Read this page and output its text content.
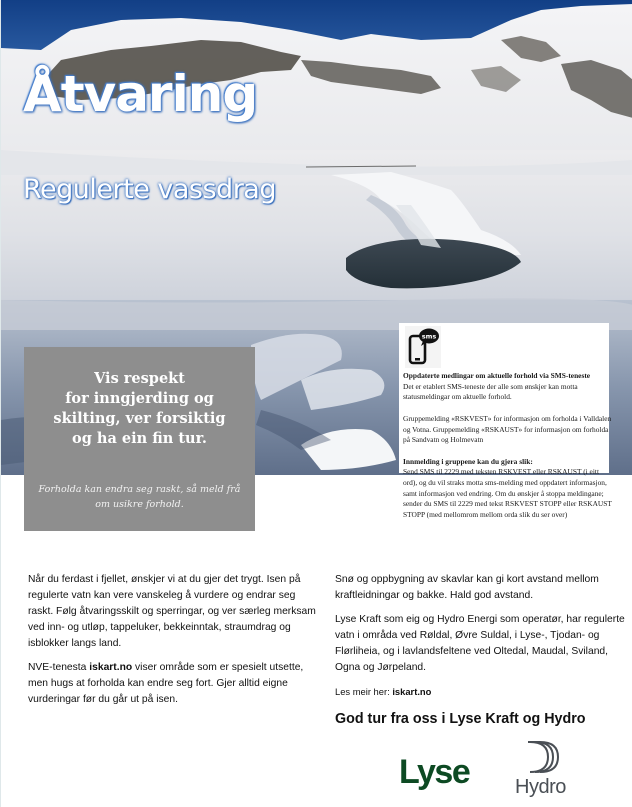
Åtvaring
Regulerte vassdrag
Vis respekt
for inngjerding og
skilting, ver forsiktig
og ha ein fin tur.
Forholda kan endra seg raskt, så meld frå om usikre forhold.
sms
Oppdaterte medlingar om aktuelle forhold via SMS-teneste
Det er etablert SMS-teneste der alle som ønskjer kan motta statusmeldingar om aktuelle forhold.
Gruppemelding «RSKVEST» for informasjon om forholda i Valldalen og Votna. Gruppemelding «RSKAUST» for informasjon om forholda på Sandvatn og Holmevatn
Innmelding i gruppene kan du gjera slik:
Send SMS til 2229 med teksten RSKVEST eller RSKAUST (i eitt ord), og du vil straks motta sms-melding med oppdatert informasjon, samt informasjon ved endring. Om du ønskjer å stoppa meldingane; sender du SMS til 2229 med tekst RSKVEST STOPP eller RSKAUST STOPP (med mellomrom mellom orda slik du ser over)

Når du ferdast i fjellet, ønskjer vi at du gjer det trygt. Isen på regulerte vatn kan vere vanskeleg å vurdere og endrar seg raskt. Følg åtvaringsskilt og sperringar, og ver særleg merksam ved inn- og utløp, tappeluker, bekkeinntak, straumdrag og isblokker langs land.

NVE-tenesta iskart.no viser område som er spesielt utsette, men hugs at forholda kan endre seg fort. Gjer alltid eigne vurderingar før du går ut på isen.

Snø og oppbygning av skavlar kan gi kort avstand mellom kraftleidningar og bakke. Hald god avstand.

Lyse Kraft som eig og Hydro Energi som operatør, har regulerte vatn i områda ved Røldal, Øvre Suldal, i Lyse-, Tjodan- og Flørliheia, og i lavlandsfeltene ved Oltedal, Maudal, Sviland, Ogna og Jørpeland.

Les meir her: iskart.no

God tur fra oss i Lyse Kraft og Hydro
Lyse Hydro
